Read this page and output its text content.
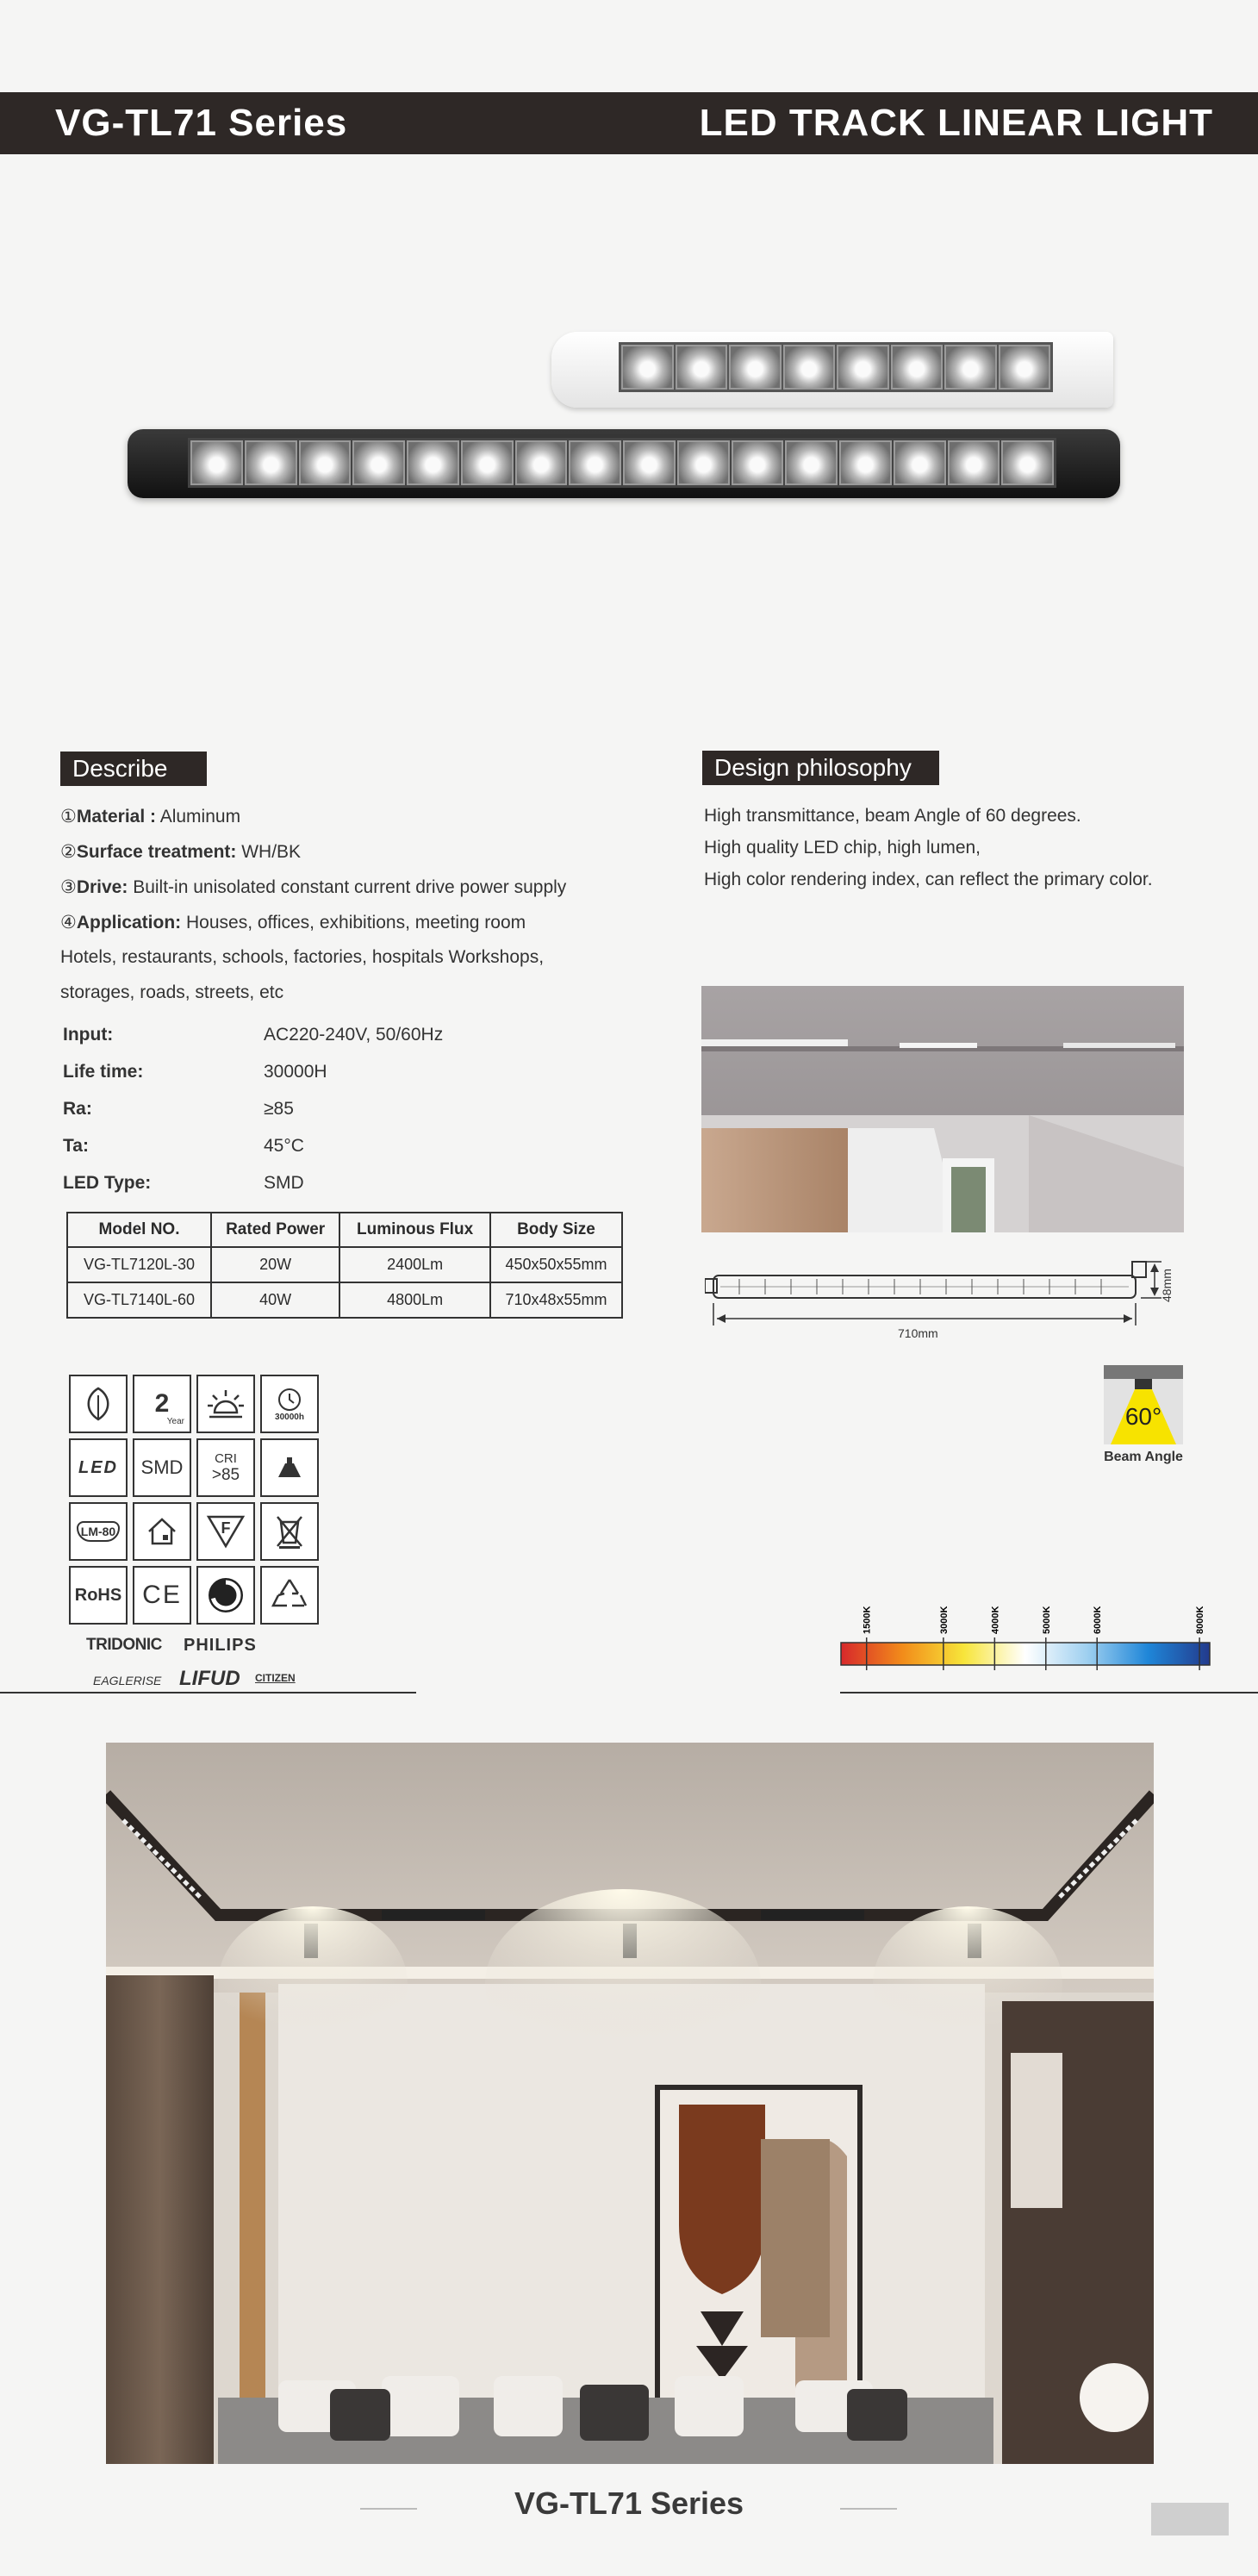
VG-TL71 Series	LED TRACK LINEAR LIGHT
Describe
①Material : Aluminum
②Surface treatment: WH/BK
③Drive: Built-in unisolated constant current drive power supply
④Application: Houses, offices, exhibitions, meeting room
Hotels, restaurants, schools, factories, hospitals Workshops,
storages, roads, streets, etc
Input:	AC220-240V, 50/60Hz
Life time:	30000H
Ra:	≥85
Ta:	45°C
LED Type:	SMD
Model NO.	Rated Power	Luminous Flux	Body Size
VG-TL7120L-30	20W	2400Lm	450x50x55mm
VG-TL7140L-60	40W	4800Lm	710x48x55mm
Design philosophy
High transmittance, beam Angle of 60 degrees.
High quality LED chip, high lumen,
High color rendering index, can reflect the primary color.
710mm
48mm
60°
Beam Angle
2
Year	30000h
LED SMD CRI
>85
LM-80	F
RoHS CE
TRIDONIC PHILIPS
EAGLERISE LIFUD CITIZEN
1500K	3000K	4000K	5000K	6000K	8000K
VG-TL71 Series
